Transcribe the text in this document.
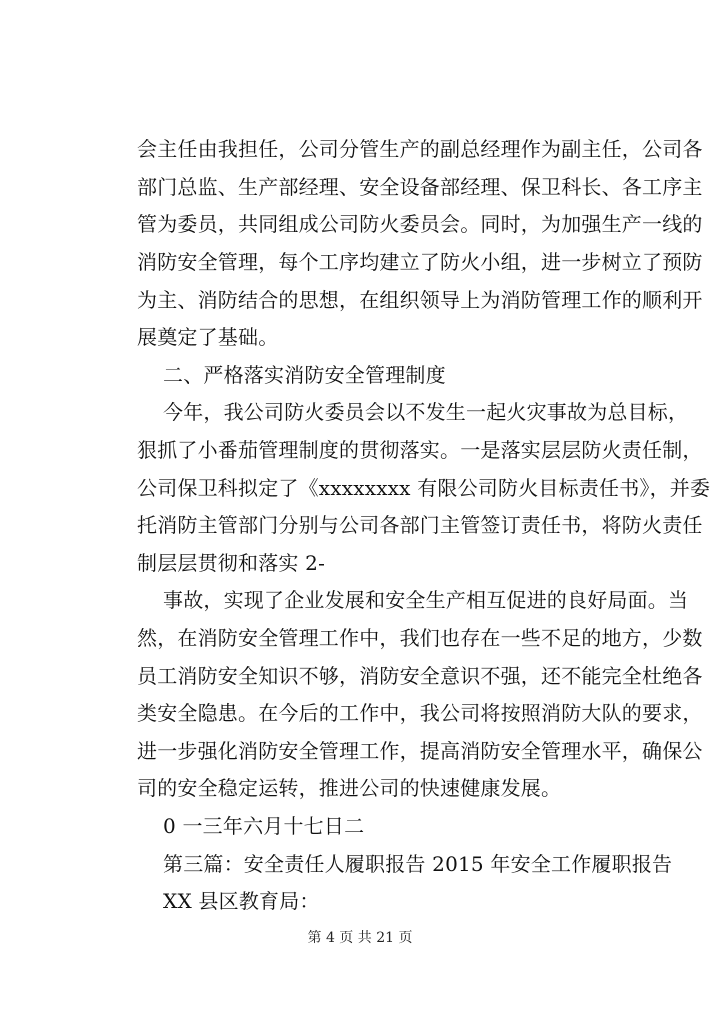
会主任由我担任，公司分管生产的副总经理作为副主任，公司各
部门总监、生产部经理、安全设备部经理、保卫科长、各工序主
管为委员，共同组成公司防火委员会。同时，为加强生产一线的
消防安全管理，每个工序均建立了防火小组，进一步树立了预防
为主、消防结合的思想，在组织领导上为消防管理工作的顺利开
展奠定了基础。
二、严格落实消防安全管理制度
今年，我公司防火委员会以不发生一起火灾事故为总目标，
狠抓了小番茄管理制度的贯彻落实。一是落实层层防火责任制，
公司保卫科拟定了《xxxxxxxx 有限公司防火目标责任书》，并委
托消防主管部门分别与公司各部门主管签订责任书，将防火责任
制层层贯彻和落实 2-
事故，实现了企业发展和安全生产相互促进的良好局面。当
然，在消防安全管理工作中，我们也存在一些不足的地方，少数
员工消防安全知识不够，消防安全意识不强，还不能完全杜绝各
类安全隐患。在今后的工作中，我公司将按照消防大队的要求，
进一步强化消防安全管理工作，提高消防安全管理水平，确保公
司的安全稳定运转，推进公司的快速健康发展。
0 一三年六月十七日二
第三篇：安全责任人履职报告 2015 年安全工作履职报告
XX 县区教育局：
第 4 页 共 21 页
